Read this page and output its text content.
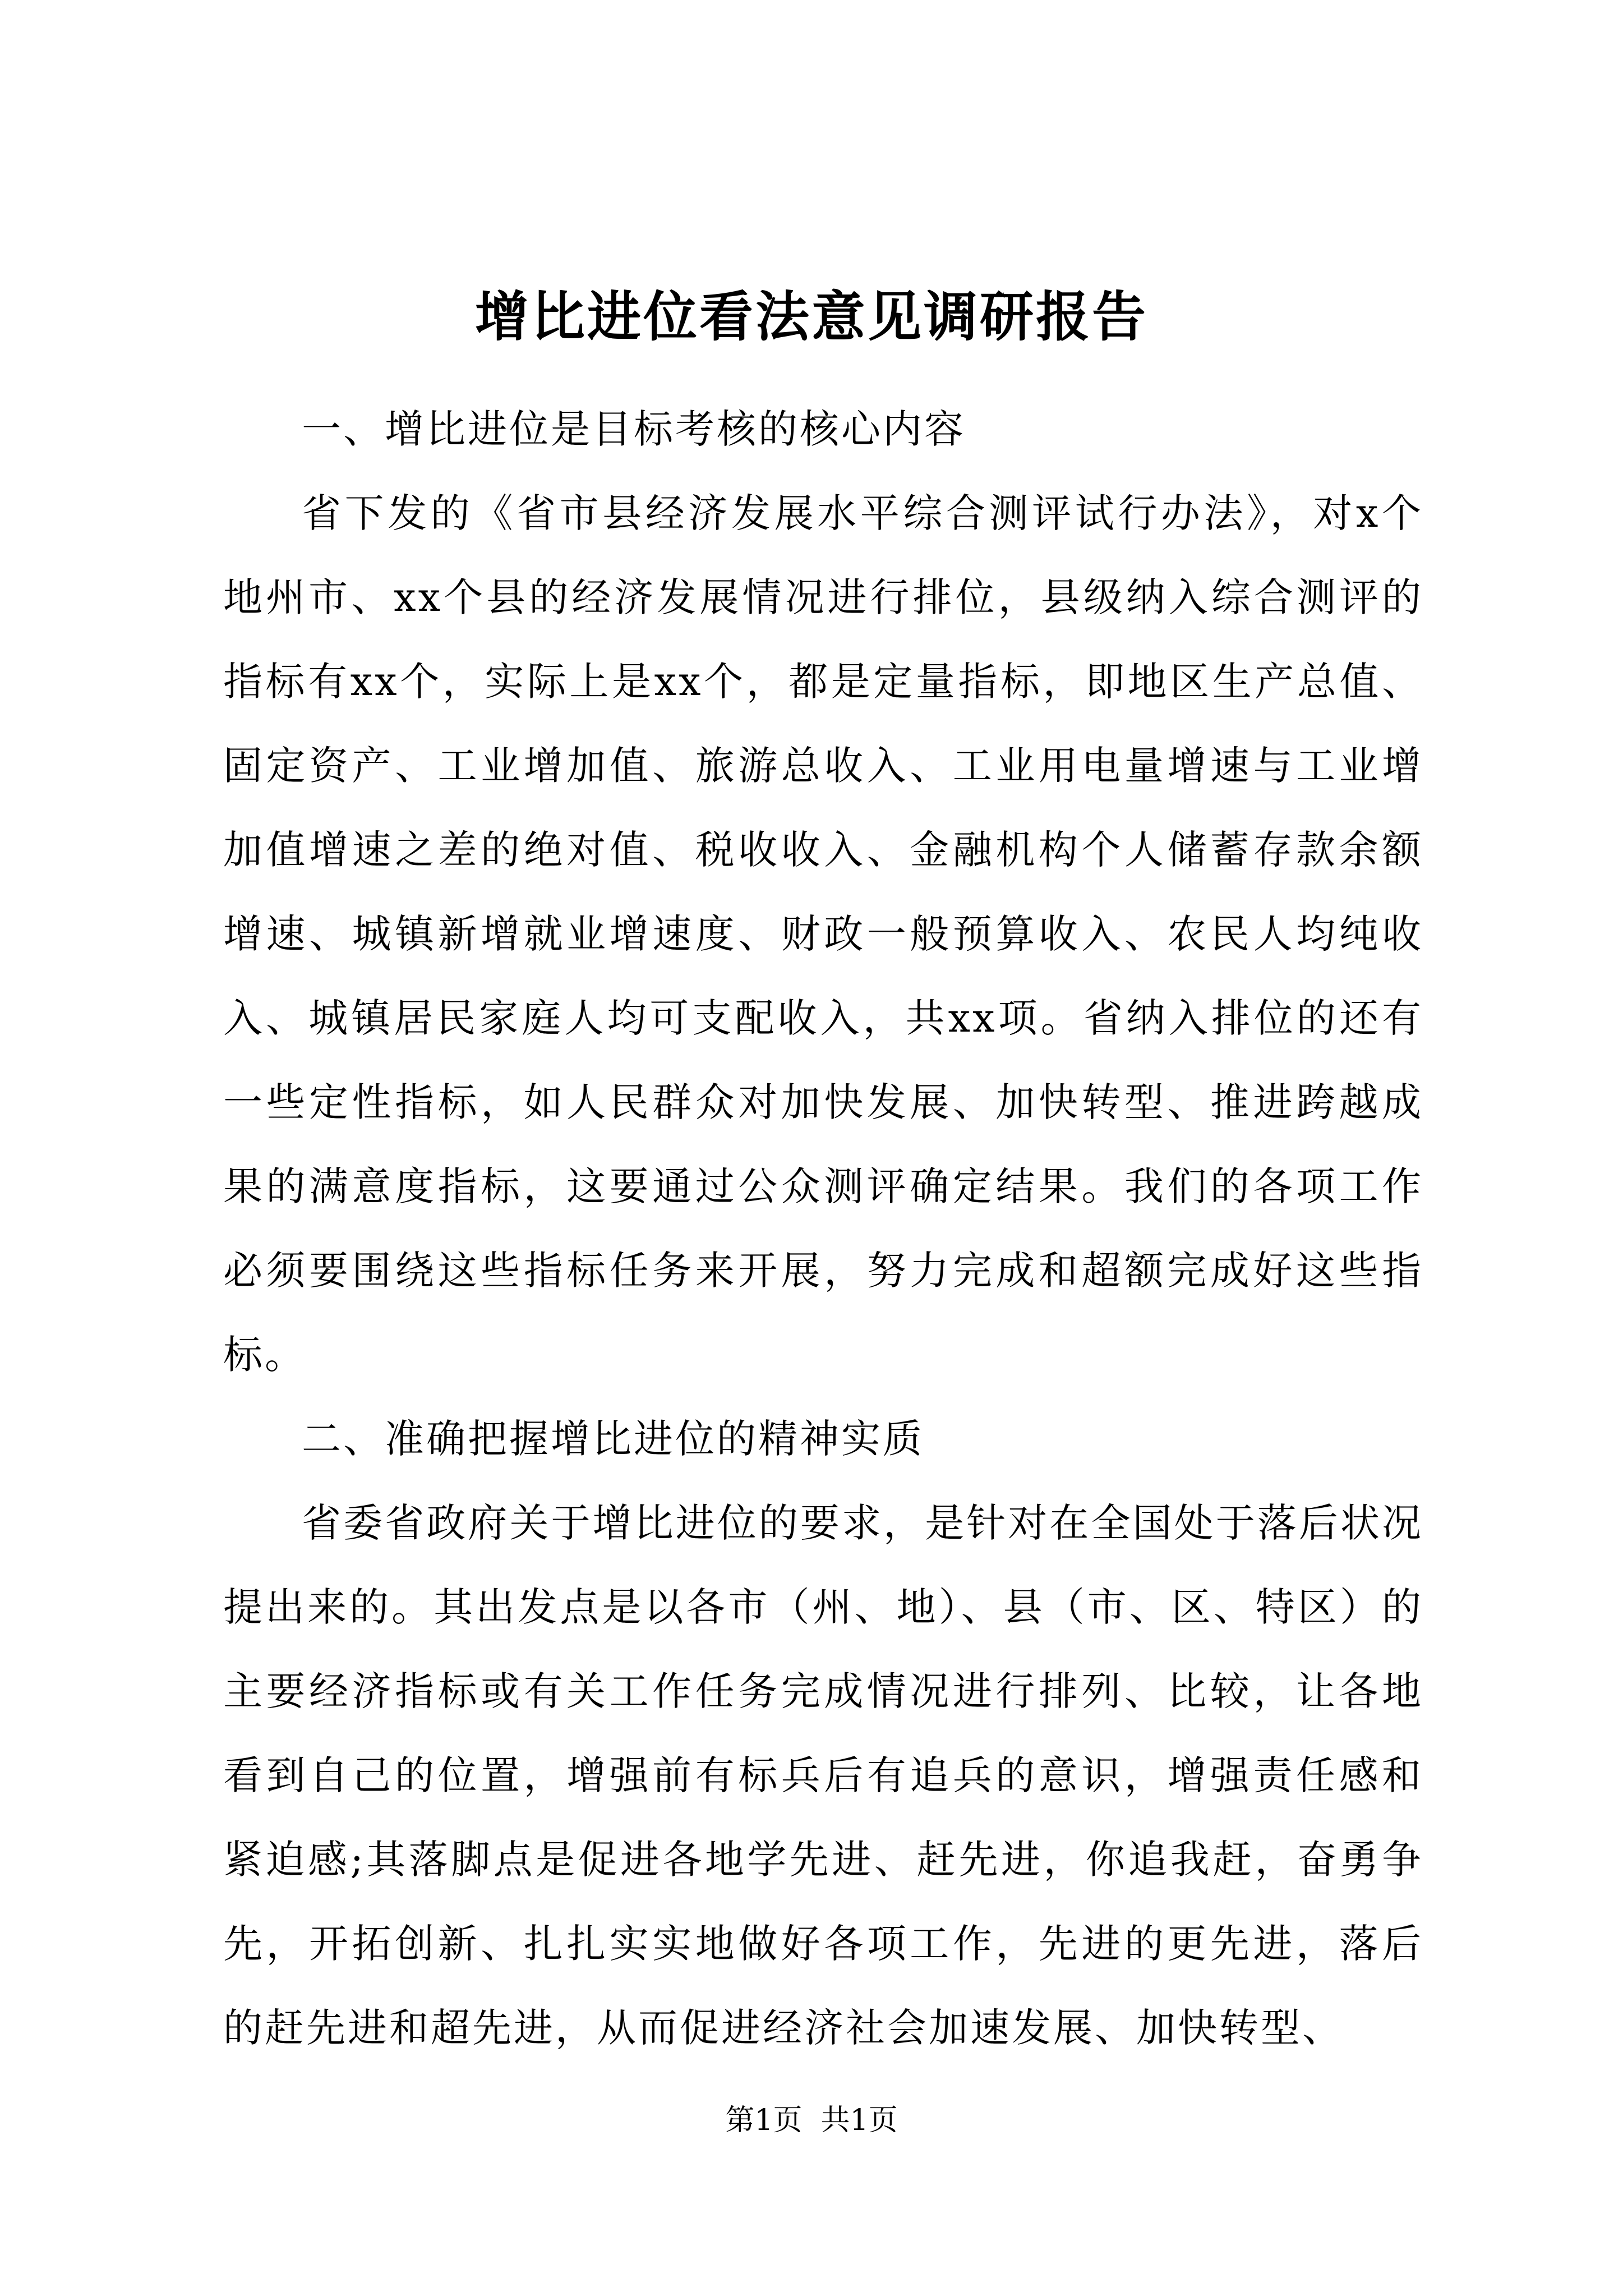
增比进位看法意见调研报告

一、增比进位是目标考核的核心内容

省下发的《省市县经济发展水平综合测评试行办法》，对x个地州市、xx个县的经济发展情况进行排位，县级纳入综合测评的指标有xx个，实际上是xx个，都是定量指标，即地区生产总值、固定资产、工业增加值、旅游总收入、工业用电量增速与工业增加值增速之差的绝对值、税收收入、金融机构个人储蓄存款余额增速、城镇新增就业增速度、财政一般预算收入、农民人均纯收入、城镇居民家庭人均可支配收入，共xx项。省纳入排位的还有一些定性指标，如人民群众对加快发展、加快转型、推进跨越成果的满意度指标，这要通过公众测评确定结果。我们的各项工作必须要围绕这些指标任务来开展，努力完成和超额完成好这些指标。

二、准确把握增比进位的精神实质

省委省政府关于增比进位的要求，是针对在全国处于落后状况提出来的。其出发点是以各市（州、地）、县（市、区、特区）的主要经济指标或有关工作任务完成情况进行排列、比较，让各地看到自己的位置，增强前有标兵后有追兵的意识，增强责任感和紧迫感;其落脚点是促进各地学先进、赶先进，你追我赶，奋勇争先，开拓创新、扎扎实实地做好各项工作，先进的更先进，落后的赶先进和超先进，从而促进经济社会加速发展、加快转型、

第1页 共1页
